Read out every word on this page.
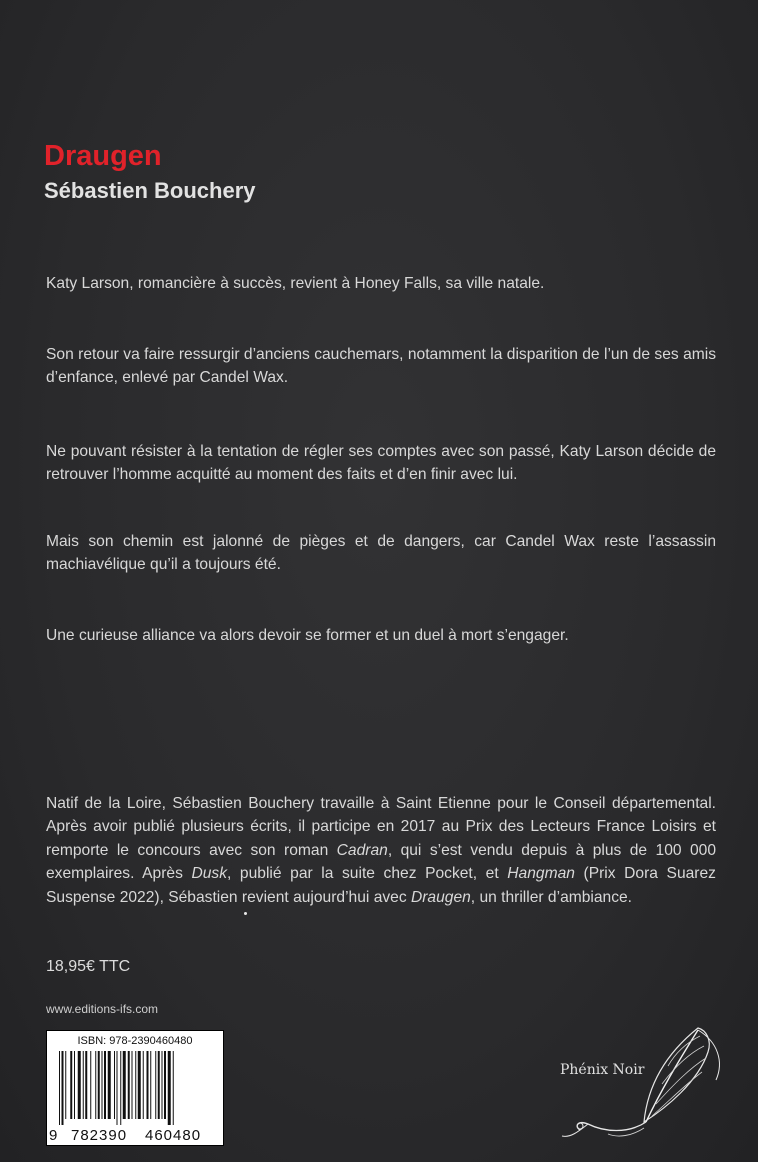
Draugen
Sébastien Bouchery

Katy Larson, romancière à succès, revient à Honey Falls, sa ville natale.

Son retour va faire ressurgir d’anciens cauchemars, notamment la disparition de l’un de ses amis d’enfance, enlevé par Candel Wax.

Ne pouvant résister à la tentation de régler ses comptes avec son passé, Katy Larson décide de retrouver l’homme acquitté au moment des faits et d’en finir avec lui.

Mais son chemin est jalonné de pièges et de dangers, car Candel Wax reste l’assassin machiavélique qu’il a toujours été.

Une curieuse alliance va alors devoir se former et un duel à mort s’engager.

Natif de la Loire, Sébastien Bouchery travaille à Saint Etienne pour le Conseil départemental. Après avoir publié plusieurs écrits, il participe en 2017 au Prix des Lecteurs France Loisirs et remporte le concours avec son roman Cadran, qui s’est vendu depuis à plus de 100 000 exemplaires. Après Dusk, publié par la suite chez Pocket, et Hangman (Prix Dora Suarez Suspense 2022), Sébastien revient aujourd’hui avec Draugen, un thriller d’ambiance.

18,95€ TTC

www.editions-ifs.com

ISBN: 978-2390460480
9 782390 460480
Phénix Noir
